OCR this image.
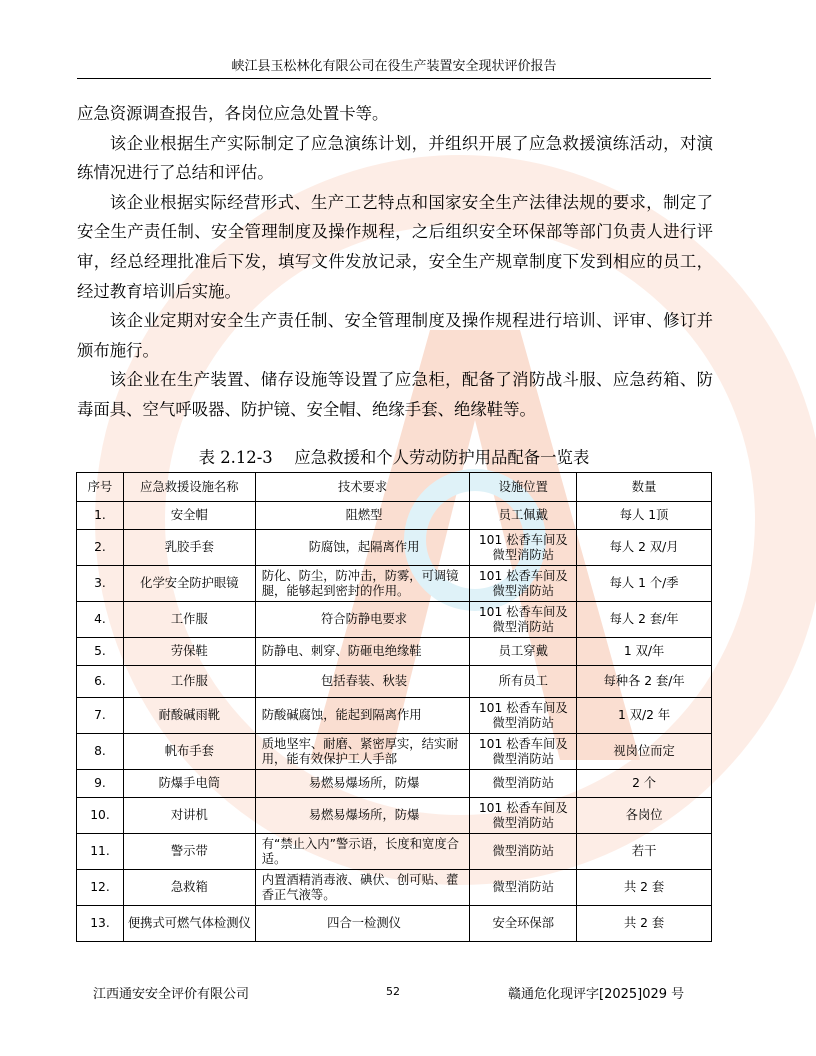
峡江县玉松林化有限公司在役生产装置安全现状评价报告

应急资源调查报告，各岗位应急处置卡等。

该企业根据生产实际制定了应急演练计划，并组织开展了应急救援演练活动，对演练情况进行了总结和评估。

该企业根据实际经营形式、生产工艺特点和国家安全生产法律法规的要求，制定了安全生产责任制、安全管理制度及操作规程，之后组织安全环保部等部门负责人进行评审，经总经理批准后下发，填写文件发放记录，安全生产规章制度下发到相应的员工，经过教育培训后实施。

该企业定期对安全生产责任制、安全管理制度及操作规程进行培训、评审、修订并颁布施行。

该企业在生产装置、储存设施等设置了应急柜，配备了消防战斗服、应急药箱、防毒面具、空气呼吸器、防护镜、安全帽、绝缘手套、绝缘鞋等。

表 2.12-3　 应急救援和个人劳动防护用品配备一览表
序号	应急救援设施名称	技术要求	设施位置	数量
1.	安全帽	阻燃型	员工佩戴	每人 1顶
2.	乳胶手套	防腐蚀，起隔离作用	101 松香车间及微型消防站	每人 2 双/月
3.	化学安全防护眼镜	防化、防尘，防冲击，防雾，可调镜腿，能够起到密封的作用。	101 松香车间及微型消防站	每人 1 个/季
4.	工作服	符合防静电要求	101 松香车间及微型消防站	每人 2 套/年
5.	劳保鞋	防静电、刺穿、防砸电绝缘鞋	员工穿戴	1 双/年
6.	工作服	包括春装、秋装	所有员工	每种各 2 套/年
7.	耐酸碱雨靴	防酸碱腐蚀，能起到隔离作用	101 松香车间及微型消防站	1 双/2 年
8.	帆布手套	质地坚牢、耐磨、紧密厚实，结实耐用，能有效保护工人手部	101 松香车间及微型消防站	视岗位而定
9.	防爆手电筒	易燃易爆场所，防爆	微型消防站	2 个
10.	对讲机	易燃易爆场所，防爆	101 松香车间及微型消防站	各岗位
11.	警示带	有“禁止入内”警示语，长度和宽度合适。	微型消防站	若干
12.	急救箱	内置酒精消毒液、碘伏、创可贴、藿香正气液等。	微型消防站	共 2 套
13.	便携式可燃气体检测仪	四合一检测仪	安全环保部	共 2 套
江西通安安全评价有限公司	52	赣通危化现评字[2025]029 号
